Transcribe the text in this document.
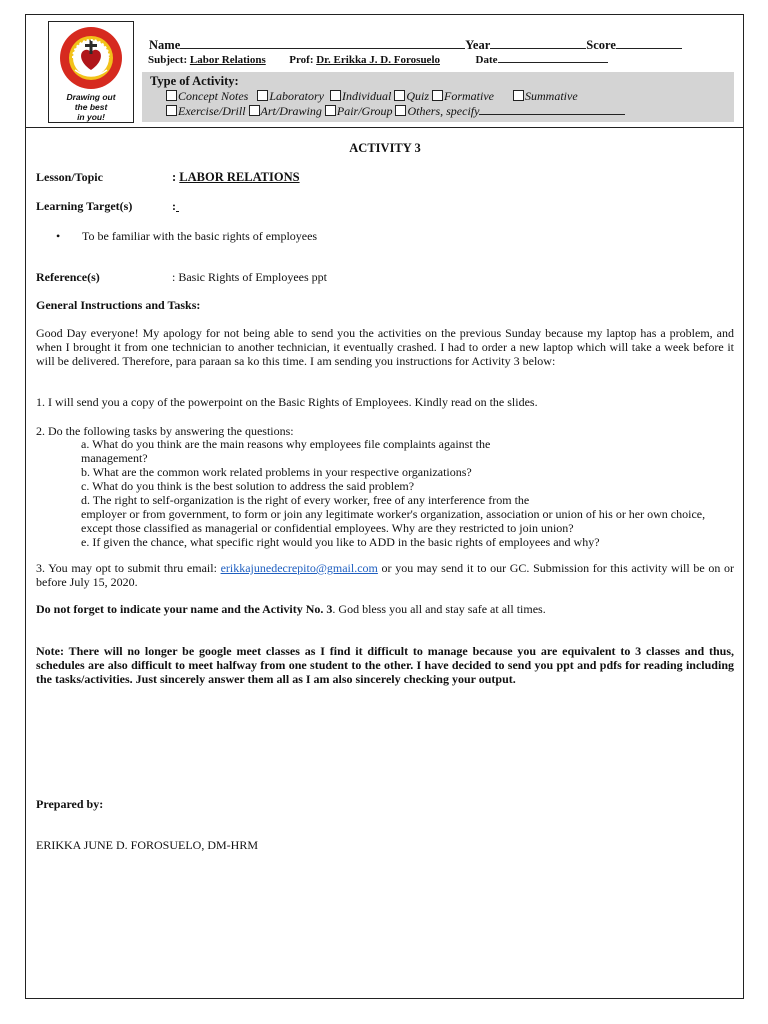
Drawing out
the best
in you!
Name	Year	Score
Subject: Labor Relations Prof: Dr. Erikka J. D. Forosuelo	Date
Type of Activity:
Concept Notes Laboratory Individual Quiz Formative	Summative
Exercise/Drill Art/Drawing Pair/Group Others, specify
ACTIVITY 3
Lesson/Topic	: LABOR RELATIONS
Learning Target(s)	:
• To be familiar with the basic rights of employees
Reference(s)	: Basic Rights of Employees ppt
General Instructions and Tasks:
Good Day everyone! My apology for not being able to send you the activities on the previous Sunday because my laptop has a problem, and when I brought it from one technician to another technician, it eventually crashed. I had to order a new laptop which will take a week before it will be delivered. Therefore, para paraan sa ko this time. I am sending you instructions for Activity 3 below:
1. I will send you a copy of the powerpoint on the Basic Rights of Employees. Kindly read on the slides.
2. Do the following tasks by answering the questions:
a. What do you think are the main reasons why employees file complaints against the
management?
b. What are the common work related problems in your respective organizations?
c. What do you think is the best solution to address the said problem?
d. The right to self-organization is the right of every worker, free of any interference from the
employer or from government, to form or join any legitimate worker's organization, association or union of his or her own choice, except those classified as managerial or confidential employees. Why are they restricted to join union?
e. If given the chance, what specific right would you like to ADD in the basic rights of employees and why?
3. You may opt to submit thru email: erikkajunedecrepito@gmail.com or you may send it to our GC. Submission for this activity will be on or before July 15, 2020.
Do not forget to indicate your name and the Activity No. 3. God bless you all and stay safe at all times.
Note: There will no longer be google meet classes as I find it difficult to manage because you are equivalent to 3 classes and thus, schedules are also difficult to meet halfway from one student to the other. I have decided to send you ppt and pdfs for reading including the tasks/activities. Just sincerely answer them all as I am also sincerely checking your output.
Prepared by:
ERIKKA JUNE D. FOROSUELO, DM-HRM
